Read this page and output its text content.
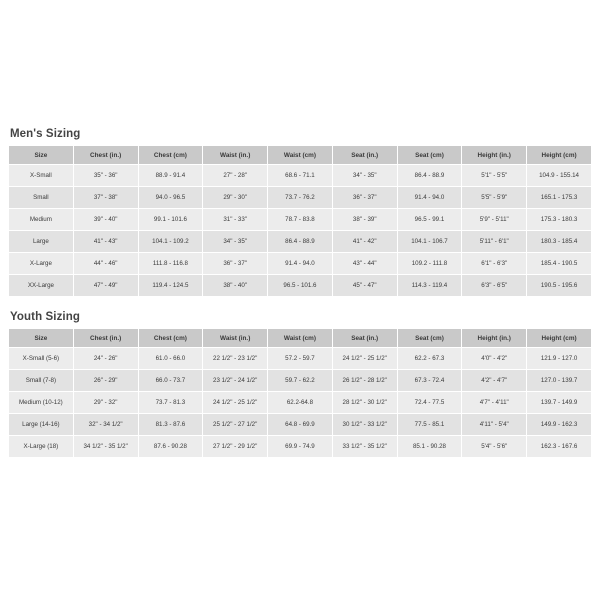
Men's Sizing
Size	Chest (in.)	Chest (cm)	Waist (in.)	Waist (cm)	Seat (in.)	Seat (cm)	Height (in.)	Height (cm)
X-Small	35" - 36"	88.9 - 91.4	27" - 28"	68.6 - 71.1	34" - 35"	86.4 - 88.9	5'1" - 5'5"	104.9 - 155.14
Small	37" - 38"	94.0 - 96.5	29" - 30"	73.7 - 76.2	36" - 37"	91.4 - 94.0	5'5" - 5'9"	165.1 - 175.3
Medium	39" - 40"	99.1 - 101.6	31" - 33"	78.7 - 83.8	38" - 39"	96.5 - 99.1	5'9" - 5'11"	175.3 - 180.3
Large	41" - 43"	104.1 - 109.2	34" - 35"	86.4 - 88.9	41" - 42"	104.1 - 106.7	5'11" - 6'1"	180.3 - 185.4
X-Large	44" - 46"	111.8 - 116.8	36" - 37"	91.4 - 94.0	43" - 44"	109.2 - 111.8	6'1" - 6'3"	185.4 - 190.5
XX-Large	47" - 49"	119.4 - 124.5	38" - 40"	96.5 - 101.6	45" - 47"	114.3 - 119.4	6'3" - 6'5"	190.5 - 195.6
Youth Sizing
Size	Chest (in.)	Chest (cm)	Waist (in.)	Waist (cm)	Seat (in.)	Seat (cm)	Height (in.)	Height (cm)
X-Small (5-6)	24" - 26"	61.0 - 66.0	22 1/2" - 23 1/2"	57.2 - 59.7	24 1/2" - 25 1/2"	62.2 - 67.3	4'0" - 4'2"	121.9 - 127.0
Small (7-8)	26" - 29"	66.0 - 73.7	23 1/2" - 24 1/2"	59.7 - 62.2	26 1/2" - 28 1/2"	67.3 - 72.4	4'2" - 4'7"	127.0 - 139.7
Medium (10-12)	29" - 32"	73.7 - 81.3	24 1/2" - 25 1/2"	62.2-64.8	28 1/2" - 30 1/2"	72.4 - 77.5	4'7" - 4'11"	139.7 - 149.9
Large (14-16)	32" - 34 1/2"	81.3 - 87.6	25 1/2" - 27 1/2"	64.8 - 69.9	30 1/2" - 33 1/2"	77.5 - 85.1	4'11" - 5'4"	149.9 - 162.3
X-Large (18)	34 1/2" - 35 1/2"	87.6 - 90.28	27 1/2" - 29 1/2"	69.9 - 74.9	33 1/2" - 35 1/2"	85.1 - 90.28	5'4" - 5'6"	162.3 - 167.6
